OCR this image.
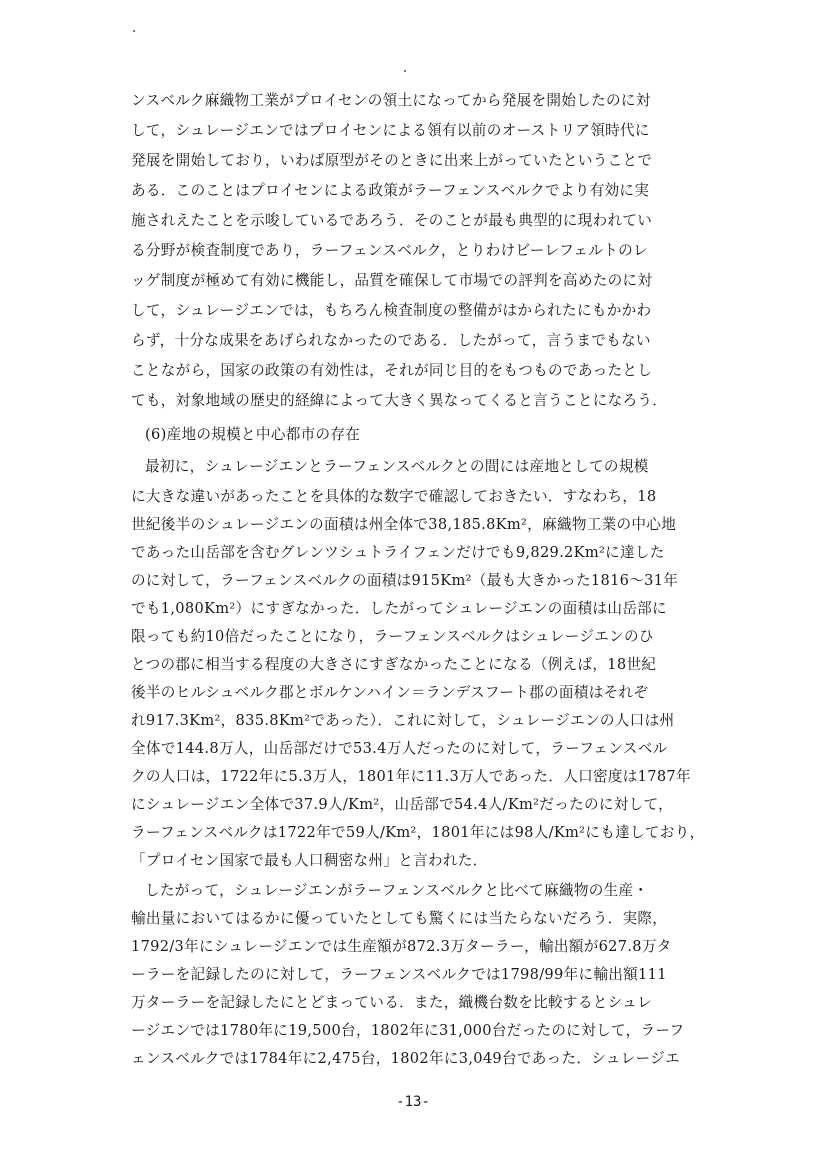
ンスベルク麻織物工業がプロイセンの領土になってから発展を開始したのに対
して，シュレージエンではプロイセンによる領有以前のオーストリア領時代に
発展を開始しており，いわば原型がそのときに出来上がっていたということで
ある．このことはプロイセンによる政策がラーフェンスベルクでより有効に実
施されえたことを示唆しているであろう．そのことが最も典型的に現われてい
る分野が検査制度であり，ラーフェンスベルク，とりわけビーレフェルトのレ
ッゲ制度が極めて有効に機能し，品質を確保して市場での評判を高めたのに対
して，シュレージエンでは，もちろん検査制度の整備がはかられたにもかかわ
らず，十分な成果をあげられなかったのである．したがって，言うまでもない
ことながら，国家の政策の有効性は，それが同じ目的をもつものであったとし
ても，対象地域の歴史的経緯によって大きく異なってくると言うことになろう．
(6)産地の規模と中心都市の存在
最初に，シュレージエンとラーフェンスベルクとの間には産地としての規模
に大きな違いがあったことを具体的な数字で確認しておきたい．すなわち，18
世紀後半のシュレージエンの面積は州全体で38,185.8Km²，麻織物工業の中心地
であった山岳部を含むグレンツシュトライフェンだけでも9,829.2Km²に達した
のに対して，ラーフェンスベルクの面積は915Km²（最も大きかった1816〜31年
でも1,080Km²）にすぎなかった．したがってシュレージエンの面積は山岳部に
限っても約10倍だったことになり，ラーフェンスベルクはシュレージエンのひ
とつの郡に相当する程度の大きさにすぎなかったことになる（例えば，18世紀
後半のヒルシュベルク郡とボルケンハイン＝ランデスフート郡の面積はそれぞ
れ917.3Km²，835.8Km²であった）．これに対して，シュレージエンの人口は州
全体で144.8万人，山岳部だけで53.4万人だったのに対して，ラーフェンスベル
クの人口は，1722年に5.3万人，1801年に11.3万人であった．人口密度は1787年
にシュレージエン全体で37.9人/Km²，山岳部で54.4人/Km²だったのに対して，
ラーフェンスベルクは1722年で59人/Km²，1801年には98人/Km²にも達しており，
「プロイセン国家で最も人口稠密な州」と言われた．
したがって，シュレージエンがラーフェンスベルクと比べて麻織物の生産・
輸出量においてはるかに優っていたとしても驚くには当たらないだろう．実際，
1792/3年にシュレージエンでは生産額が872.3万ターラー，輸出額が627.8万タ
ーラーを記録したのに対して，ラーフェンスベルクでは1798/99年に輸出額111
万ターラーを記録したにとどまっている．また，織機台数を比較するとシュレ
ージエンでは1780年に19,500台，1802年に31,000台だったのに対して，ラーフ
ェンスベルクでは1784年に2,475台，1802年に3,049台であった．シュレージエ
-13-
